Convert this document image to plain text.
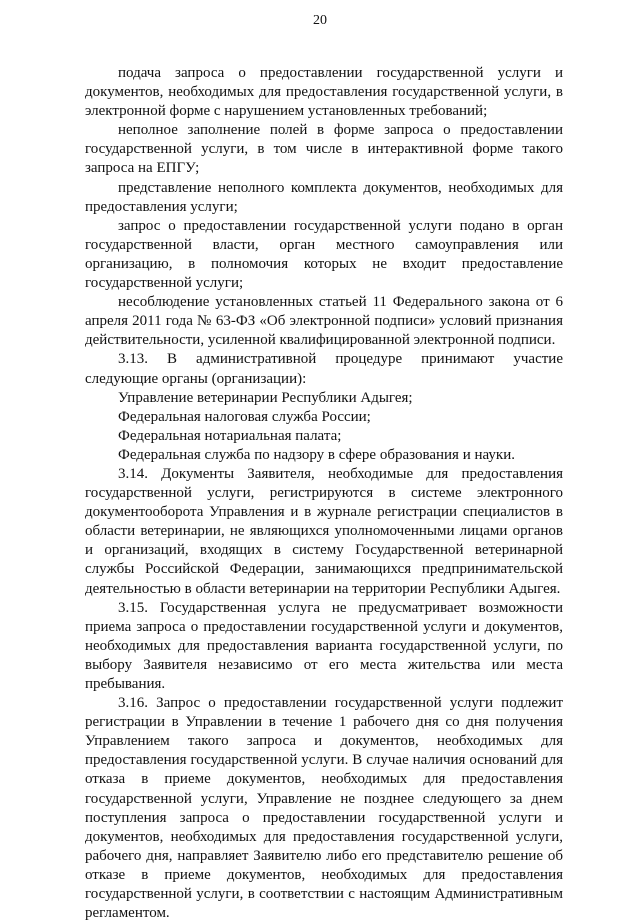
20

подача запроса о предоставлении государственной услуги и документов, необходимых для предоставления государственной услуги, в электронной форме с нарушением установленных требований;

неполное заполнение полей в форме запроса о предоставлении государственной услуги, в том числе в интерактивной форме такого запроса на ЕПГУ;

представление неполного комплекта документов, необходимых для предоставления услуги;

запрос о предоставлении государственной услуги подано в орган государственной власти, орган местного самоуправления или организацию, в полномочия которых не входит предоставление государственной услуги;

несоблюдение установленных статьей 11 Федерального закона от 6 апреля 2011 года № 63-ФЗ «Об электронной подписи» условий признания действительности, усиленной квалифицированной электронной подписи.

3.13. В административной процедуре принимают участие следующие органы (организации):

Управление ветеринарии Республики Адыгея;

Федеральная налоговая служба России;

Федеральная нотариальная палата;

Федеральная служба по надзору в сфере образования и науки.

3.14. Документы Заявителя, необходимые для предоставления государственной услуги, регистрируются в системе электронного документооборота Управления и в журнале регистрации специалистов в области ветеринарии, не являющихся уполномоченными лицами органов и организаций, входящих в систему Государственной ветеринарной службы Российской Федерации, занимающихся предпринимательской деятельностью в области ветеринарии на территории Республики Адыгея.

3.15. Государственная услуга не предусматривает возможности приема запроса о предоставлении государственной услуги и документов, необходимых для предоставления варианта государственной услуги, по выбору Заявителя независимо от его места жительства или места пребывания.

3.16. Запрос о предоставлении государственной услуги подлежит регистрации в Управлении в течение 1 рабочего дня со дня получения Управлением такого запроса и документов, необходимых для предоставления государственной услуги. В случае наличия оснований для отказа в приеме документов, необходимых для предоставления государственной услуги, Управление не позднее следующего за днем поступления запроса о предоставлении государственной услуги и документов, необходимых для предоставления государственной услуги, рабочего дня, направляет Заявителю либо его представителю решение об отказе в приеме документов, необходимых для предоставления государственной услуги, в соответствии с настоящим Административным регламентом.
